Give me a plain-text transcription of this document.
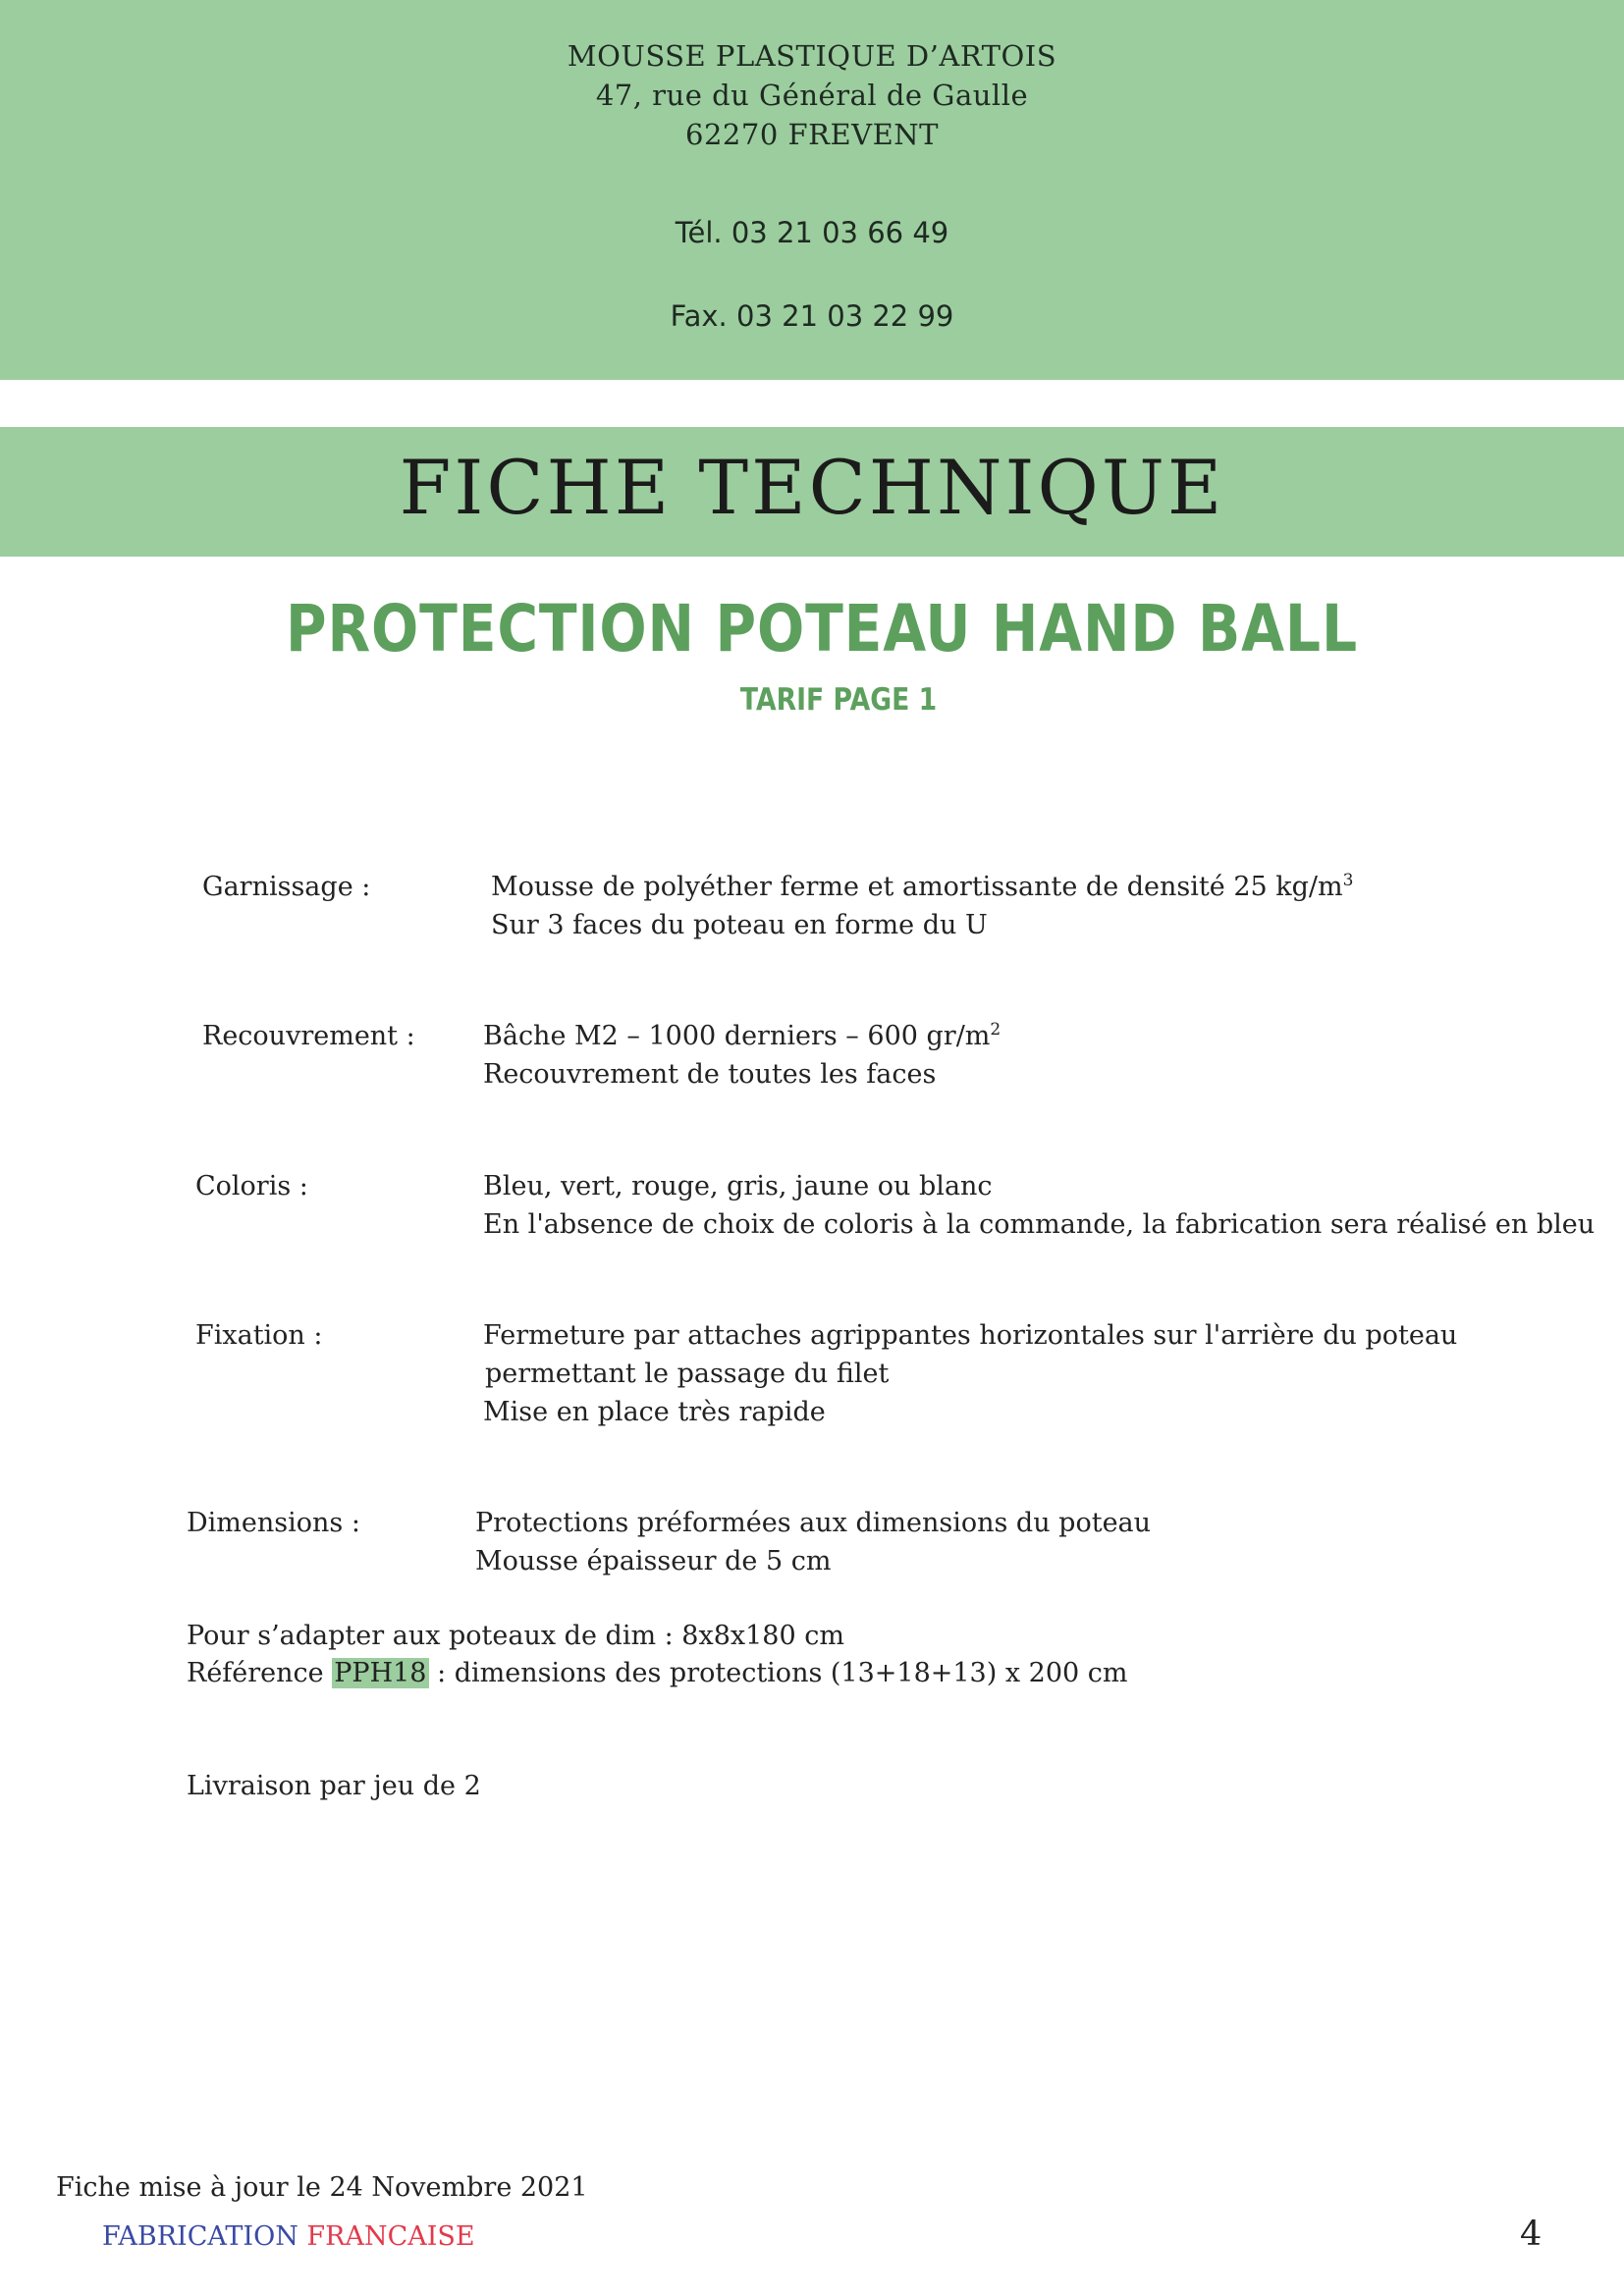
MOUSSE PLASTIQUE D’ARTOIS
47, rue du Général de Gaulle
62270 FREVENT
Tél. 03 21 03 66 49
Fax. 03 21 03 22 99
FICHE TECHNIQUE
PROTECTION POTEAU HAND BALL
TARIF PAGE 1
Garnissage :	Mousse de polyéther ferme et amortissante de densité 25 $kg/m^3$
Sur 3 faces du poteau en forme du U
Recouvrement :	Bâche M2 – 1000 derniers – 600 $gr/m^2$
Recouvrement de toutes les faces
Coloris :	Bleu, vert, rouge, gris, jaune ou blanc
En l'absence de choix de coloris à la commande, la fabrication sera réalisé en bleu
Fixation :	Fermeture par attaches agrippantes horizontales sur l'arrière du poteau
permettant le passage du filet
Mise en place très rapide
Dimensions :	Protections préformées aux dimensions du poteau
Mousse épaisseur de 5 cm
Pour s’adapter aux poteaux de dim : 8x8x180 cm
Référence PPH18 : dimensions des protections (13+18+13) x 200 cm
Livraison par jeu de 2
Fiche mise à jour le 24 Novembre 2021
FABRICATION FRANCAISE	4
